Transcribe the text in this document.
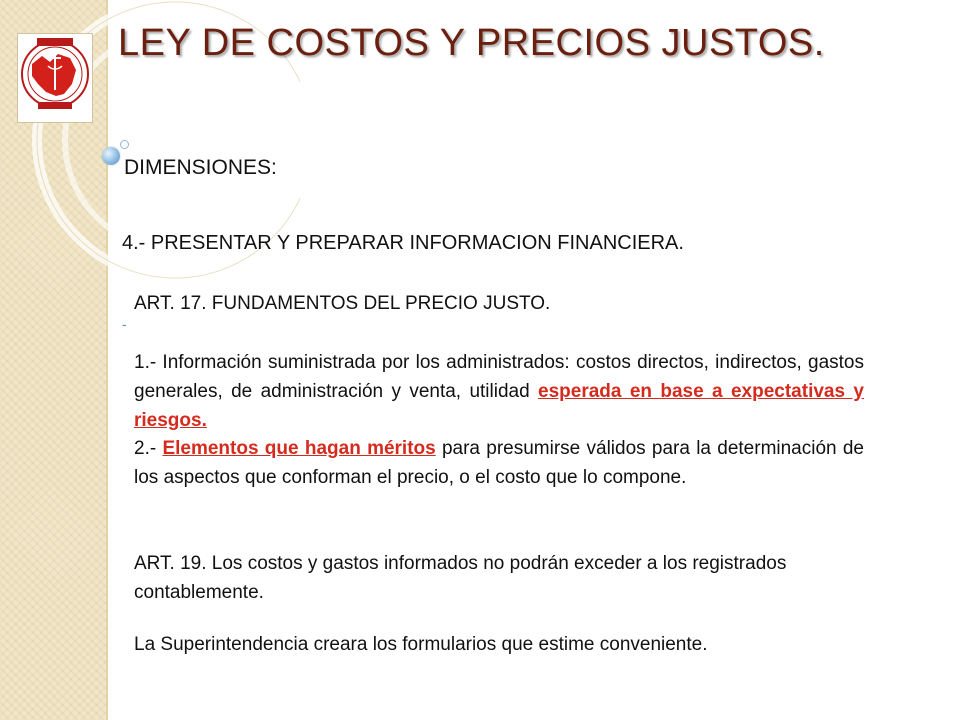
LEY DE COSTOS Y PRECIOS JUSTOS.
DIMENSIONES:
4.- PRESENTAR Y PREPARAR INFORMACION FINANCIERA.
ART. 17. FUNDAMENTOS DEL PRECIO JUSTO.
-

1.- Información suministrada por los administrados: costos directos, indirectos, gastos generales, de administración y venta, utilidad esperada en base a expectativas y riesgos.

2.- Elementos que hagan méritos para presumirse válidos para la determinación de los aspectos que conforman el precio, o el costo que lo compone.

ART. 19. Los costos y gastos informados no podrán exceder a los registrados contablemente.

La Superintendencia creara los formularios que estime conveniente.
